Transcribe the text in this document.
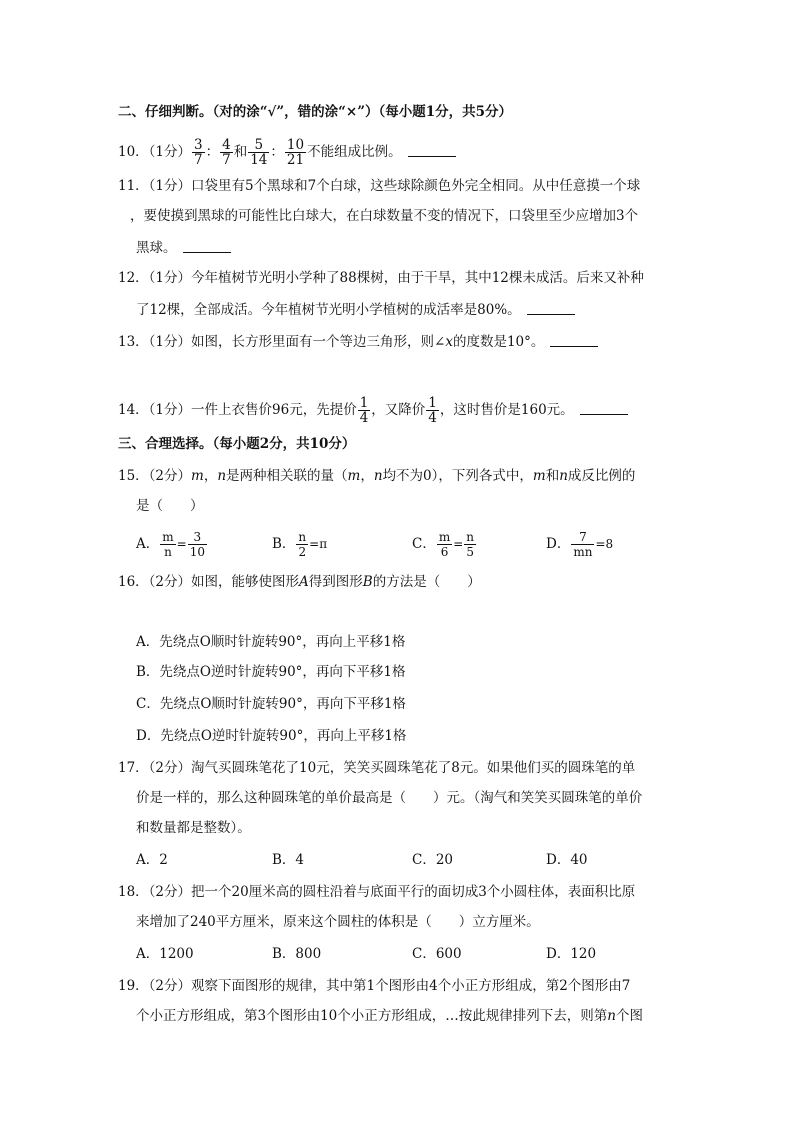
二、仔细判断。（对的涂“√”，错的涂“×”）（每小题1分，共5分）
10．（1分） $\frac{3}{7}$ ： $\frac{4}{7}$ 和 $\frac{5}{14}$ ： $\frac{10}{21}$ 不能组成比例。
11．（1分）口袋里有5个黑球和7个白球，这些球除颜色外完全相同。从中任意摸一个球
，要使摸到黑球的可能性比白球大，在白球数量不变的情况下，口袋里至少应增加3个
黑球。
12．（1分）今年植树节光明小学种了88棵树，由于干旱，其中12棵未成活。后来又补种
了12棵，全部成活。今年植树节光明小学植树的成活率是80%。
13．（1分）如图，长方形里面有一个等边三角形，则∠x的度数是10°。
14．（1分）一件上衣售价96元，先提价 $\frac{1}{4}$ ，又降价 $\frac{1}{4}$ ，这时售价是160元。
三、合理选择。（每小题2分，共10分）
15．（2分）m，n是两种相关联的量（m，n均不为0），下列各式中，m和n成反比例的
是（　　）
A． $\frac{m}{n} = \frac{3}{10}$	B． $\frac{n}{2} =\pi$	C． $\frac{m}{6} = \frac{n}{5}$	D． $\frac{7}{mn} =8$
16．（2分）如图，能够使图形A得到图形B的方法是（　　）
A．先绕点O顺时针旋转90°，再向上平移1格
B．先绕点O逆时针旋转90°，再向下平移1格
C．先绕点O顺时针旋转90°，再向下平移1格
D．先绕点O逆时针旋转90°，再向上平移1格
17．（2分）淘气买圆珠笔花了10元，笑笑买圆珠笔花了8元。如果他们买的圆珠笔的单
价是一样的，那么这种圆珠笔的单价最高是（　　）元。（淘气和笑笑买圆珠笔的单价
和数量都是整数）。
A．2	B．4	C．20	D．40
18．（2分）把一个20厘米高的圆柱沿着与底面平行的面切成3个小圆柱体，表面积比原
来增加了240平方厘米，原来这个圆柱的体积是（　　）立方厘米。
A．1200	B．800	C．600	D．120
19．（2分）观察下面图形的规律，其中第1个图形由4个小正方形组成，第2个图形由7
个小正方形组成，第3个图形由10个小正方形组成，…按此规律排列下去，则第n个图
